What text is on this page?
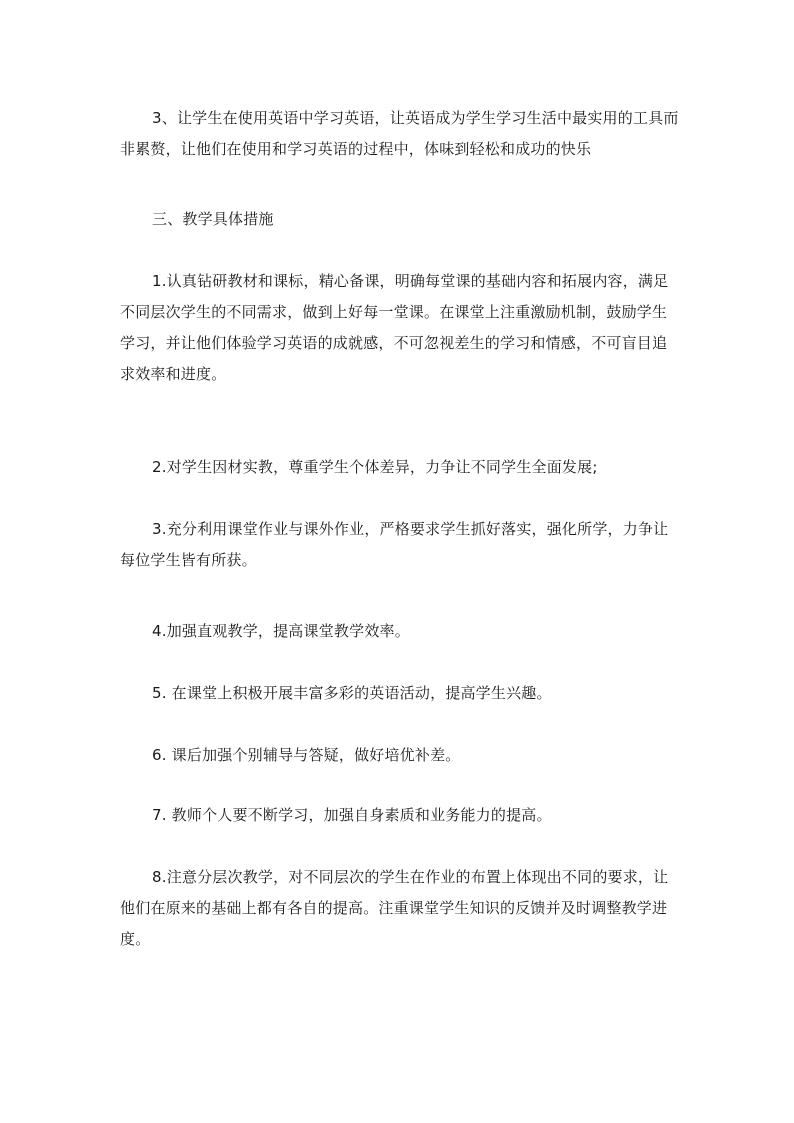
3、让学生在使用英语中学习英语，让英语成为学生学习生活中最实用的工具而非累赘，让他们在使用和学习英语的过程中，体味到轻松和成功的快乐

三、教学具体措施

1.认真钻研教材和课标，精心备课，明确每堂课的基础内容和拓展内容，满足不同层次学生的不同需求，做到上好每一堂课。在课堂上注重激励机制，鼓励学生学习，并让他们体验学习英语的成就感，不可忽视差生的学习和情感，不可盲目追求效率和进度。

2.对学生因材实教，尊重学生个体差异，力争让不同学生全面发展;

3.充分利用课堂作业与课外作业，严格要求学生抓好落实，强化所学，力争让每位学生皆有所获。

4.加强直观教学，提高课堂教学效率。

5. 在课堂上积极开展丰富多彩的英语活动，提高学生兴趣。

6. 课后加强个别辅导与答疑，做好培优补差。

7. 教师个人要不断学习，加强自身素质和业务能力的提高。

8.注意分层次教学，对不同层次的学生在作业的布置上体现出不同的要求，让他们在原来的基础上都有各自的提高。注重课堂学生知识的反馈并及时调整教学进度。
